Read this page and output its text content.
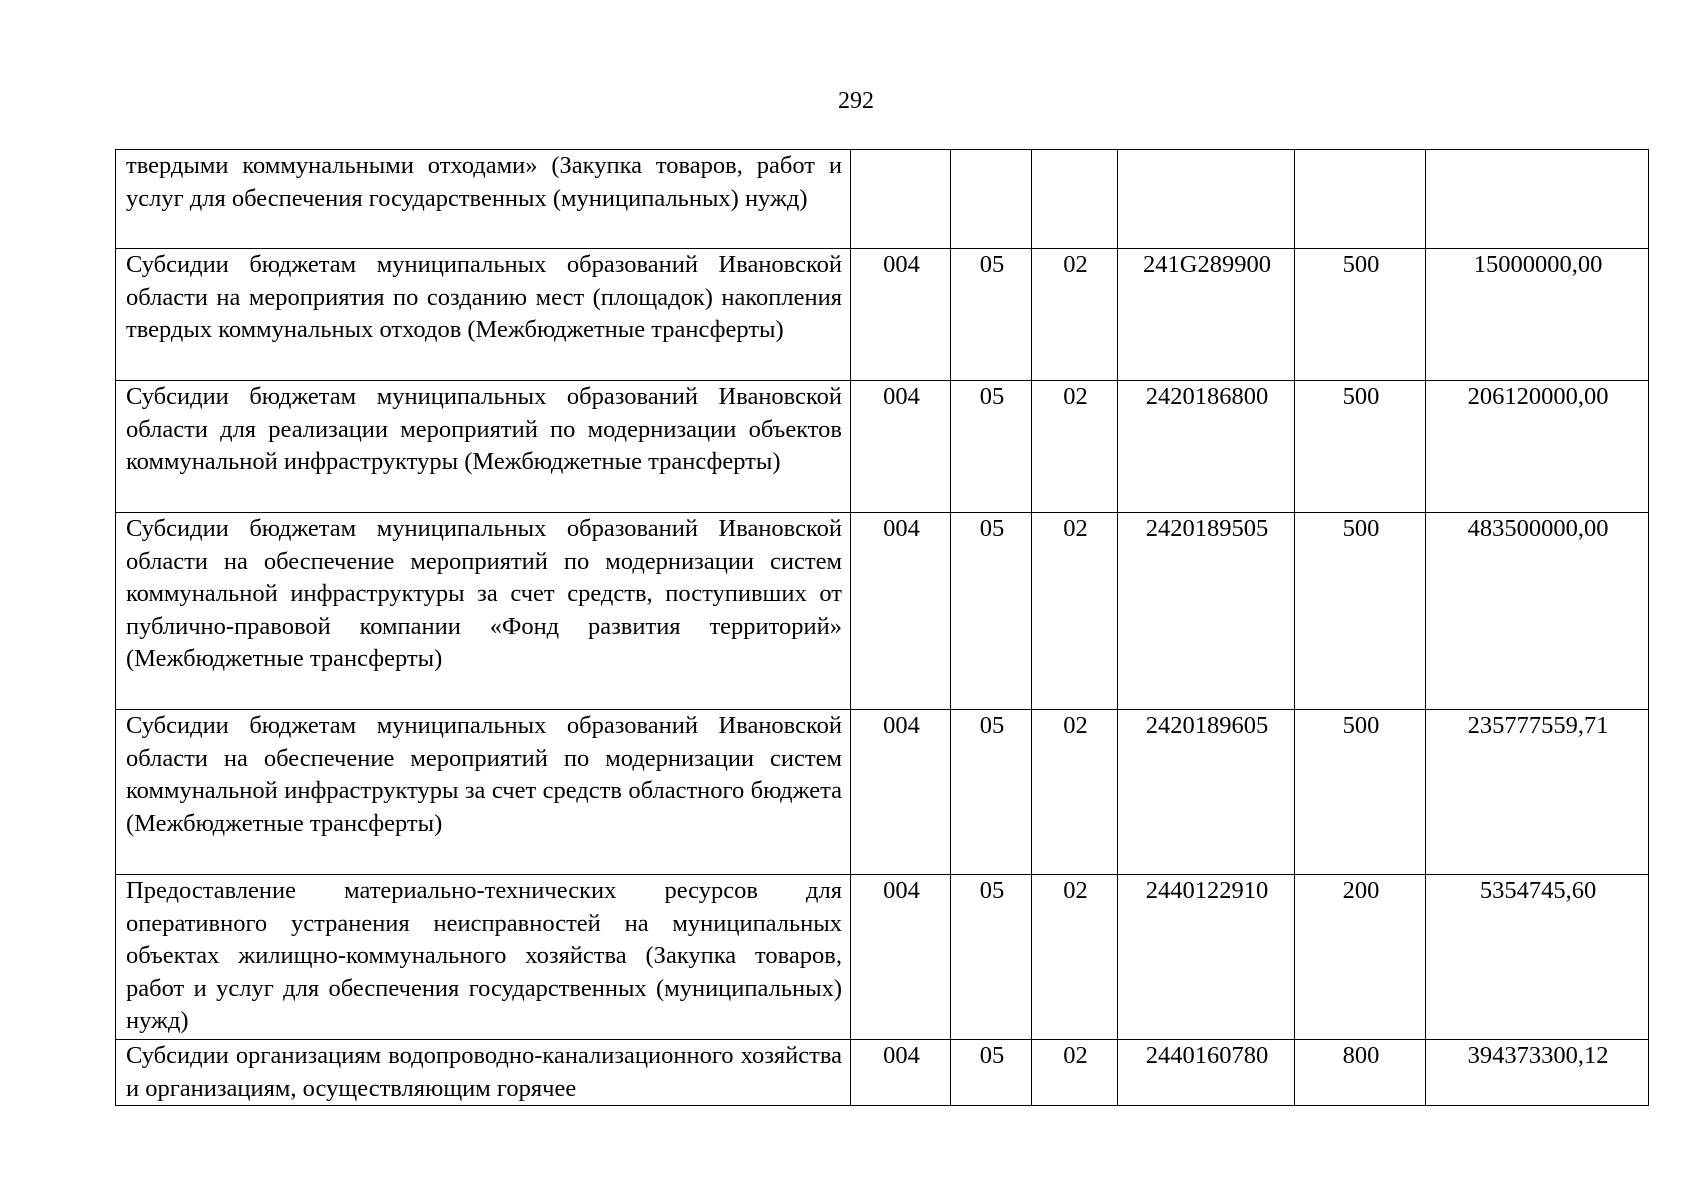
292
твердыми коммунальными отходами» (Закупка товаров, работ и услуг для обеспечения государственных (муниципальных) нужд)						
Субсидии бюджетам муниципальных образований Ивановской области на мероприятия по созданию мест (площадок) накопления твердых коммунальных отходов (Межбюджетные трансферты)	004	05	02	241G289900	500	15000000,00
Субсидии бюджетам муниципальных образований Ивановской области для реализации мероприятий по модернизации объектов коммунальной инфраструктуры (Межбюджетные трансферты)	004	05	02	2420186800	500	206120000,00
Субсидии бюджетам муниципальных образований Ивановской области на обеспечение мероприятий по модернизации систем коммунальной инфраструктуры за счет средств, поступивших от публично-правовой компании «Фонд развития территорий» (Межбюджетные трансферты)	004	05	02	2420189505	500	483500000,00
Субсидии бюджетам муниципальных образований Ивановской области на обеспечение мероприятий по модернизации систем коммунальной инфраструктуры за счет средств областного бюджета (Межбюджетные трансферты)	004	05	02	2420189605	500	235777559,71
Предоставление материально-технических ресурсов для оперативного устранения неисправностей на муниципальных объектах жилищно-коммунального хозяйства (Закупка товаров, работ и услуг для обеспечения государственных (муниципальных) нужд)	004	05	02	2440122910	200	5354745,60

Субсидии организациям водопроводно-канализационного хозяйства и организациям, осуществляющим горячее	004	05	02	2440160780	800	394373300,12
